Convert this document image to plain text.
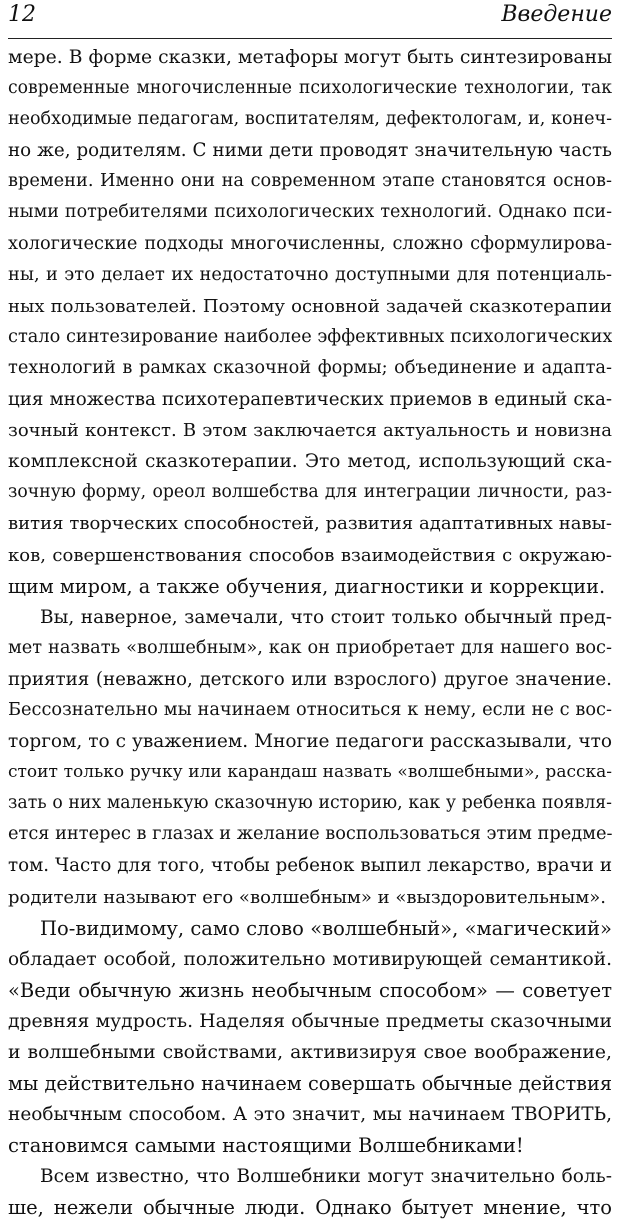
12	Введение
мере. В форме сказки, метафоры могут быть синтезированы
современные многочисленные психологические технологии, так
необходимые педагогам, воспитателям, дефектологам, и, конеч-
но же, родителям. С ними дети проводят значительную часть
времени. Именно они на современном этапе становятся основ-
ными потребителями психологических технологий. Однако пси-
хологические подходы многочисленны, сложно сформулирова-
ны, и это делает их недостаточно доступными для потенциаль-
ных пользователей. Поэтому основной задачей сказкотерапии
стало синтезирование наиболее эффективных психологических
технологий в рамках сказочной формы; объединение и адапта-
ция множества психотерапевтических приемов в единый ска-
зочный контекст. В этом заключается актуальность и новизна
комплексной сказкотерапии. Это метод, использующий ска-
зочную форму, ореол волшебства для интеграции личности, раз-
вития творческих способностей, развития адаптативных навы-
ков, совершенствования способов взаимодействия с окружаю-
щим миром, а также обучения, диагностики и коррекции.
Вы, наверное, замечали, что стоит только обычный пред-
мет назвать «волшебным», как он приобретает для нашего вос-
приятия (неважно, детского или взрослого) другое значение.
Бессознательно мы начинаем относиться к нему, если не с вос-
торгом, то с уважением. Многие педагоги рассказывали, что
стоит только ручку или карандаш назвать «волшебными», расска-
зать о них маленькую сказочную историю, как у ребенка появля-
ется интерес в глазах и желание воспользоваться этим предме-
том. Часто для того, чтобы ребенок выпил лекарство, врачи и
родители называют его «волшебным» и «выздоровительным».
По-видимому, само слово «волшебный», «магический»
обладает особой, положительно мотивирующей семантикой.
«Веди обычную жизнь необычным способом» — советует
древняя мудрость. Наделяя обычные предметы сказочными
и волшебными свойствами, активизируя свое воображение,
мы действительно начинаем совершать обычные действия
необычным способом. А это значит, мы начинаем ТВОРИТЬ,
становимся самыми настоящими Волшебниками!
Всем известно, что Волшебники могут значительно боль-
ше, нежели обычные люди. Однако бытует мнение, что
